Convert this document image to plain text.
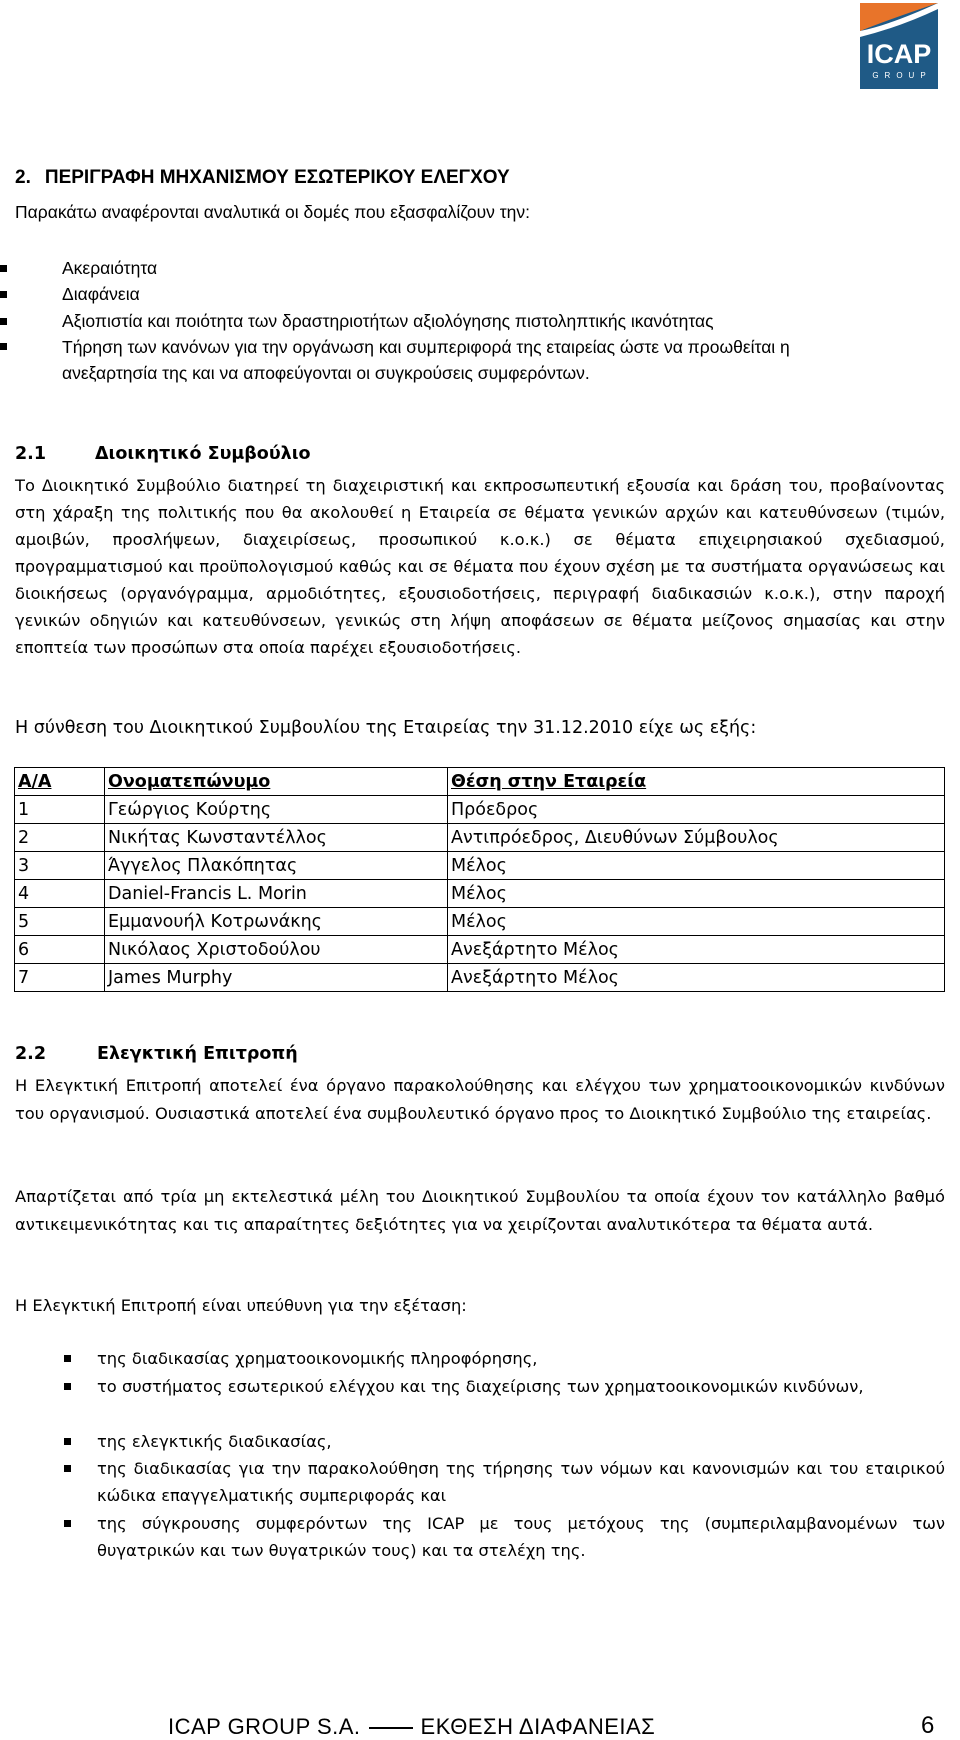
ICAP
GROUP
2. ΠΕΡΙΓΡΑΦΗ ΜΗΧΑΝΙΣΜΟΥ ΕΣΩΤΕΡΙΚΟΥ ΕΛΕΓΧΟΥ
Παρακάτω αναφέρονται αναλυτικά οι δομές που εξασφαλίζουν την:
Ακεραιότητα
Διαφάνεια
Αξιοπιστία και ποιότητα των δραστηριοτήτων αξιολόγησης πιστοληπτικής ικανότητας
Τήρηση των κανόνων για την οργάνωση και συμπεριφορά της εταιρείας ώστε να προωθείται η ανεξαρτησία της και να αποφεύγονται οι συγκρούσεις συμφερόντων.
2.1	Διοικητικό Συμβούλιο
Το Διοικητικό Συμβούλιο διατηρεί τη διαχειριστική και εκπροσωπευτική εξουσία και δράση του, προβαίνοντας στη χάραξη της πολιτικής που θα ακολουθεί η Εταιρεία σε θέματα γενικών αρχών και κατευθύνσεων (τιμών, αμοιβών, προσλήψεων, διαχειρίσεως, προσωπικού κ.ο.κ.) σε θέματα επιχειρησιακού σχεδιασμού, προγραμματισμού και προϋπολογισμού καθώς και σε θέματα που έχουν σχέση με τα συστήματα οργανώσεως και διοικήσεως (οργανόγραμμα, αρμοδιότητες, εξουσιοδοτήσεις, περιγραφή διαδικασιών κ.ο.κ.), στην παροχή γενικών οδηγιών και κατευθύνσεων, γενικώς στη λήψη αποφάσεων σε θέματα μείζονος σημασίας και στην εποπτεία των προσώπων στα οποία παρέχει εξουσιοδοτήσεις.
Η σύνθεση του Διοικητικού Συμβουλίου της Εταιρείας την 31.12.2010 είχε ως εξής:
Α/Α	Ονοματεπώνυμο	Θέση στην Εταιρεία
1	Γεώργιος Κούρτης	Πρόεδρος
2	Νικήτας Κωνσταντέλλος	Αντιπρόεδρος, Διευθύνων Σύμβουλος
3	Άγγελος Πλακόπητας	Μέλος
4	Daniel-Francis L. Morin	Μέλος
5	Εμμανουήλ Κοτρωνάκης	Μέλος
6	Νικόλαος Χριστοδούλου	Ανεξάρτητο Μέλος
7	James Murphy	Ανεξάρτητο Μέλος
2.2	Ελεγκτική Επιτροπή
Η Ελεγκτική Επιτροπή αποτελεί ένα όργανο παρακολούθησης και ελέγχου των χρηματοοικονομικών κινδύνων του οργανισμού. Ουσιαστικά αποτελεί ένα συμβουλευτικό όργανο προς το Διοικητικό Συμβούλιο της εταιρείας.
Απαρτίζεται από τρία μη εκτελεστικά μέλη του Διοικητικού Συμβουλίου τα οποία έχουν τον κατάλληλο βαθμό αντικειμενικότητας και τις απαραίτητες δεξιότητες για να χειρίζονται αναλυτικότερα τα θέματα αυτά.
Η Ελεγκτική Επιτροπή είναι υπεύθυνη για την εξέταση:
της διαδικασίας χρηματοοικονομικής πληροφόρησης,
το συστήματος εσωτερικού ελέγχου και της διαχείρισης των χρηματοοικονομικών κινδύνων,
της ελεγκτικής διαδικασίας,
της διαδικασίας για την παρακολούθηση της τήρησης των νόμων και κανονισμών και του εταιρικού κώδικα επαγγελματικής συμπεριφοράς και
της σύγκρουσης συμφερόντων της ICAP με τους μετόχους της (συμπεριλαμβανομένων των θυγατρικών και των θυγατρικών τους) και τα στελέχη της.
ICAP GROUP S.A.	ΕΚΘΕΣΗ ΔΙΑΦΑΝΕΙΑΣ	6
